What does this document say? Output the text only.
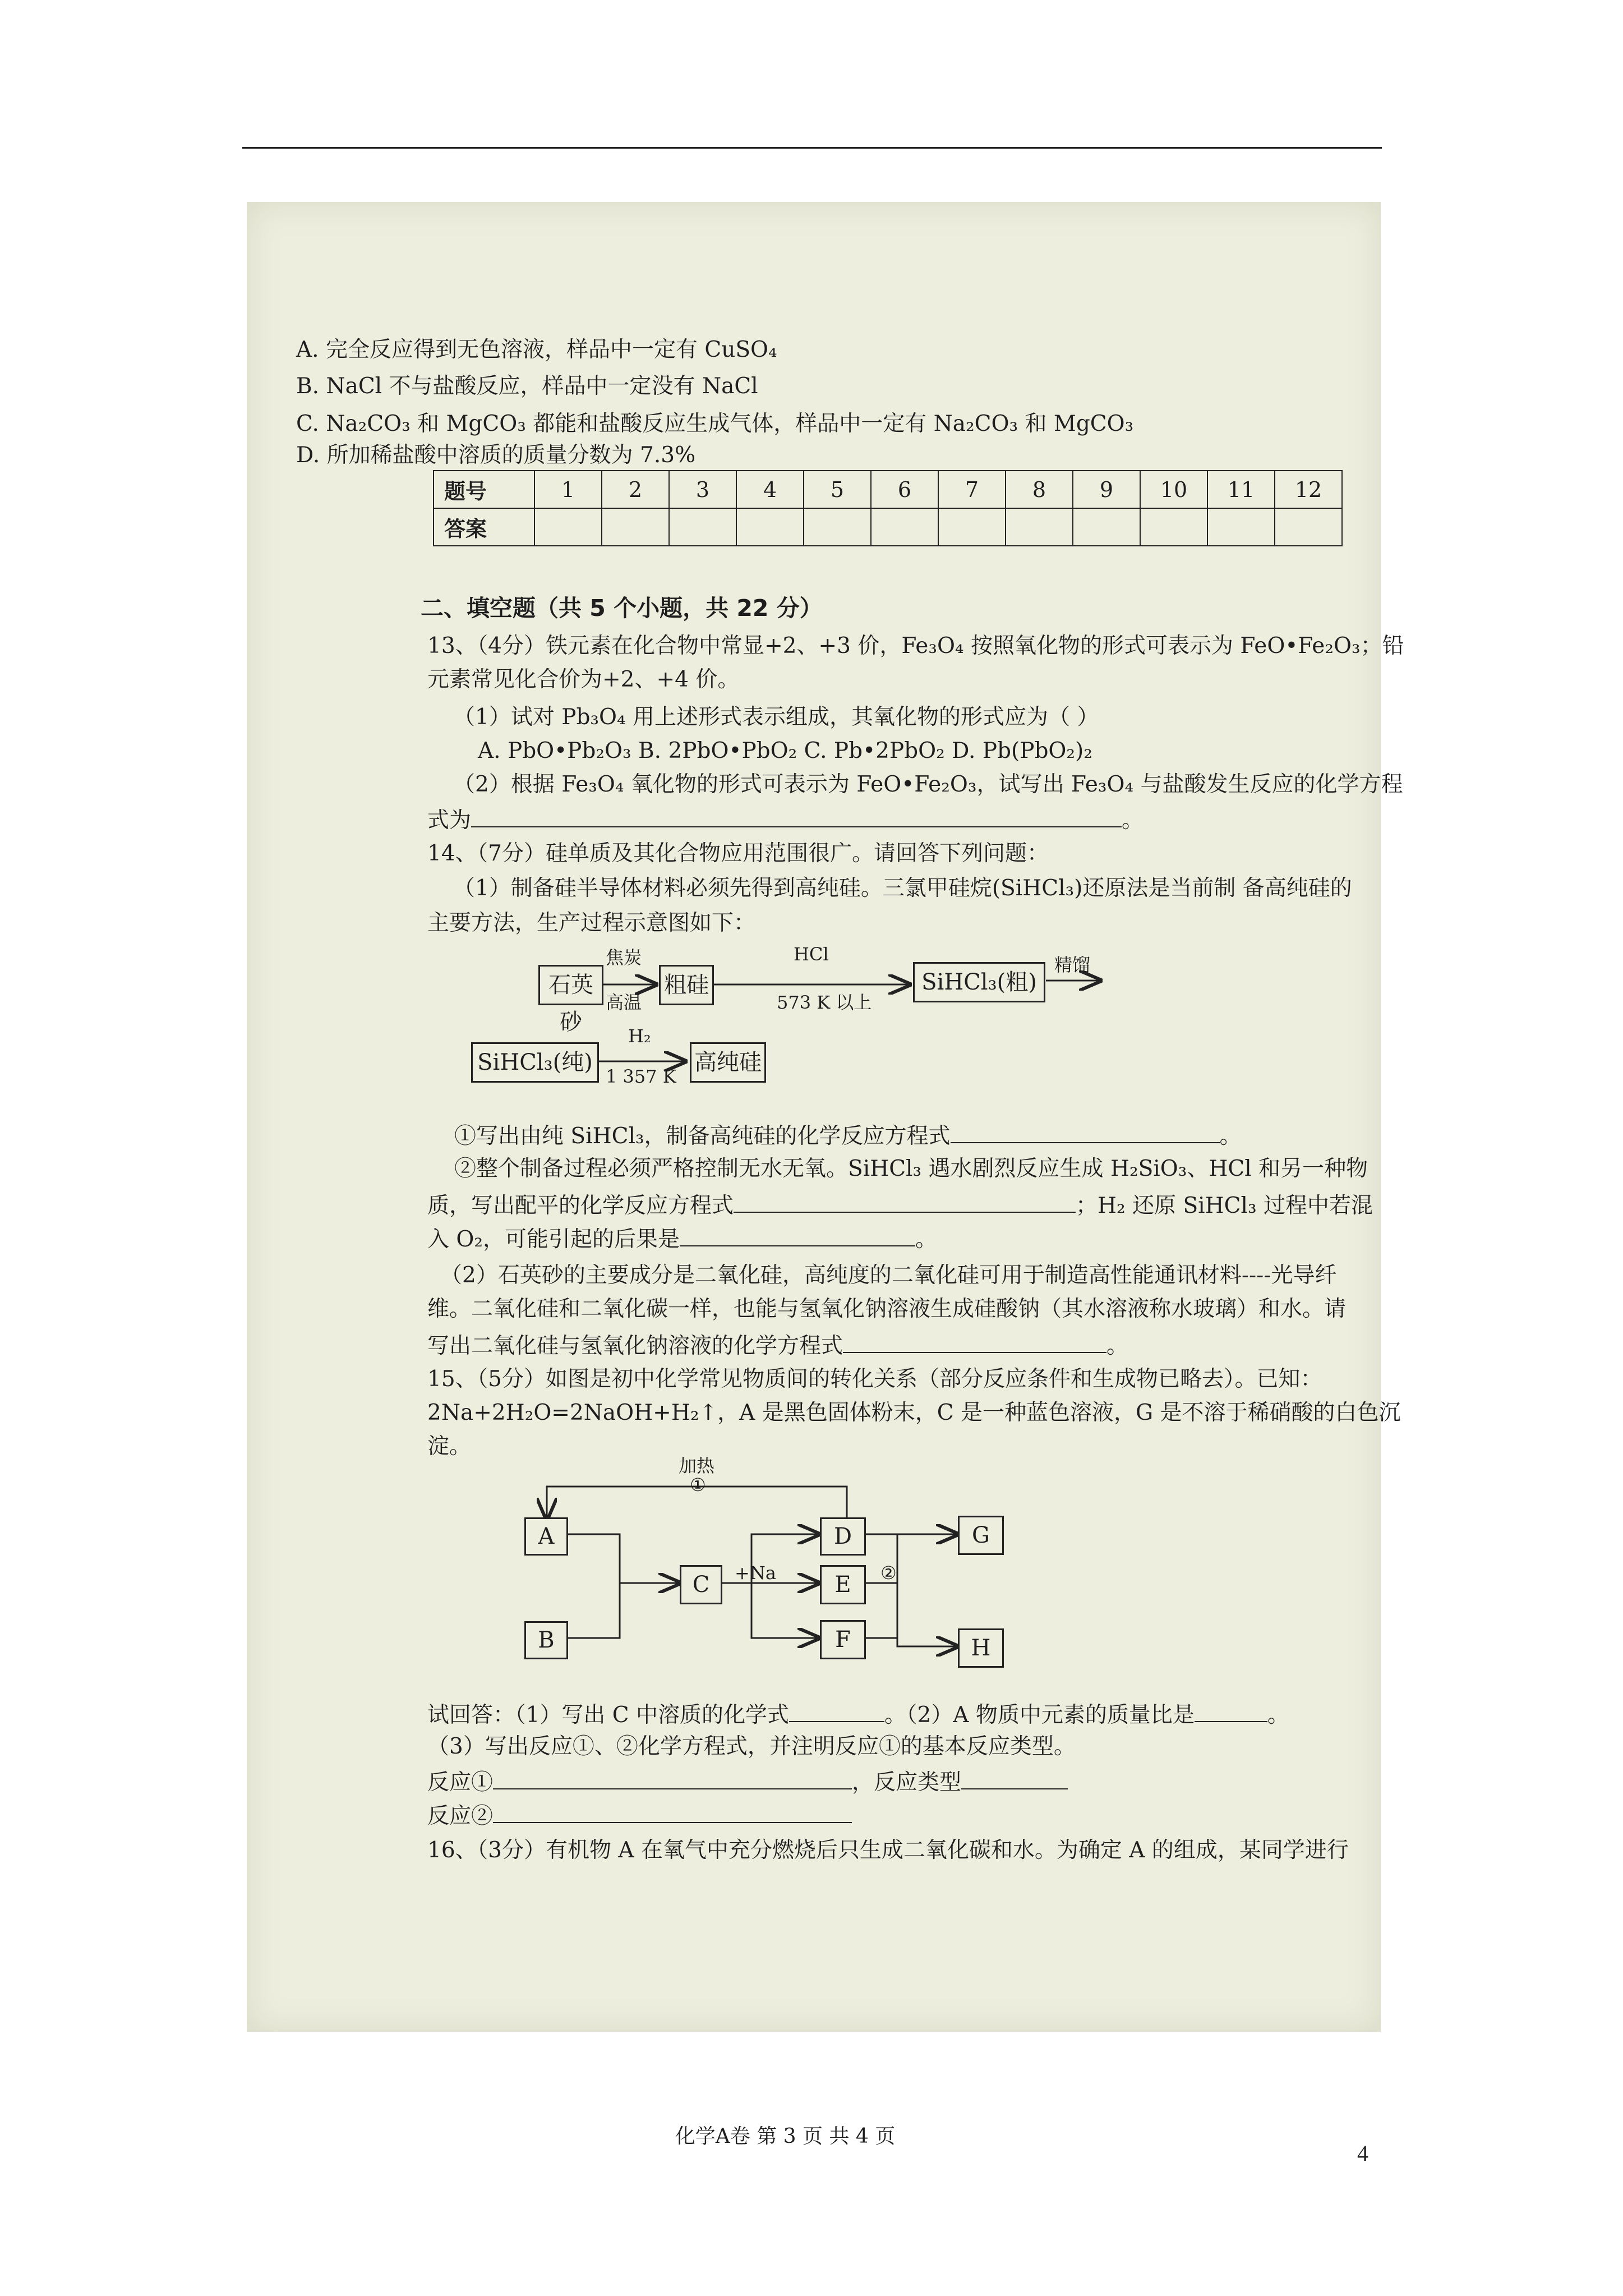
A. 完全反应得到无色溶液，样品中一定有 CuSO₄
B. NaCl 不与盐酸反应，样品中一定没有 NaCl
C. Na₂CO₃ 和 MgCO₃ 都能和盐酸反应生成气体，样品中一定有 Na₂CO₃ 和 MgCO₃
D. 所加稀盐酸中溶质的质量分数为 7.3%
题号	1	2	3	4	5	6	7	8	9	10	11	12
答案												
二、填空题（共 5 个小题，共 22 分）
13、（4分）铁元素在化合物中常显+2、+3 价，Fe₃O₄ 按照氧化物的形式可表示为 FeO•Fe₂O₃；铅
元素常见化合价为+2、+4 价。
（1）试对 Pb₃O₄ 用上述形式表示组成，其氧化物的形式应为（ ）
A. PbO•Pb₂O₃ B. 2PbO•PbO₂ C. Pb•2PbO₂ D. Pb(PbO₂)₂
（2）根据 Fe₃O₄ 氧化物的形式可表示为 FeO•Fe₂O₃，试写出 Fe₃O₄ 与盐酸发生反应的化学方程
式为	。
14、（7分）硅单质及其化合物应用范围很广。请回答下列问题：
（1）制备硅半导体材料必须先得到高纯硅。三氯甲硅烷(SiHCl₃)还原法是当前制 备高纯硅的
主要方法，生产过程示意图如下：
石英砂
焦炭
高温
粗硅
HCl
573 K 以上
SiHCl₃(粗)
精馏
SiHCl₃(纯)
H₂
1 357 K
高纯硅
①写出由纯 SiHCl₃，制备高纯硅的化学反应方程式	。
②整个制备过程必须严格控制无水无氧。SiHCl₃ 遇水剧烈反应生成 H₂SiO₃、HCl 和另一种物
质，写出配平的化学反应方程式	；H₂ 还原 SiHCl₃ 过程中若混
入 O₂，可能引起的后果是	。
（2）石英砂的主要成分是二氧化硅，高纯度的二氧化硅可用于制造高性能通讯材料----光导纤
维。二氧化硅和二氧化碳一样，也能与氢氧化钠溶液生成硅酸钠（其水溶液称水玻璃）和水。请
写出二氧化硅与氢氧化钠溶液的化学方程式	。
15、（5分）如图是初中化学常见物质间的转化关系（部分反应条件和生成物已略去）。已知：
2Na+2H₂O=2NaOH+H₂↑，A 是黑色固体粉末，C 是一种蓝色溶液，G 是不溶于稀硝酸的白色沉
淀。
加热
①
②
+Na
A
B
C
D
E
F
G
H
试回答：（1）写出 C 中溶质的化学式	。（2）A 物质中元素的质量比是	。
（3）写出反应①、②化学方程式，并注明反应①的基本反应类型。
反应①	，反应类型
反应②
16、（3分）有机物 A 在氧气中充分燃烧后只生成二氧化碳和水。为确定 A 的组成，某同学进行
化学A卷 第 3 页 共 4 页
4
